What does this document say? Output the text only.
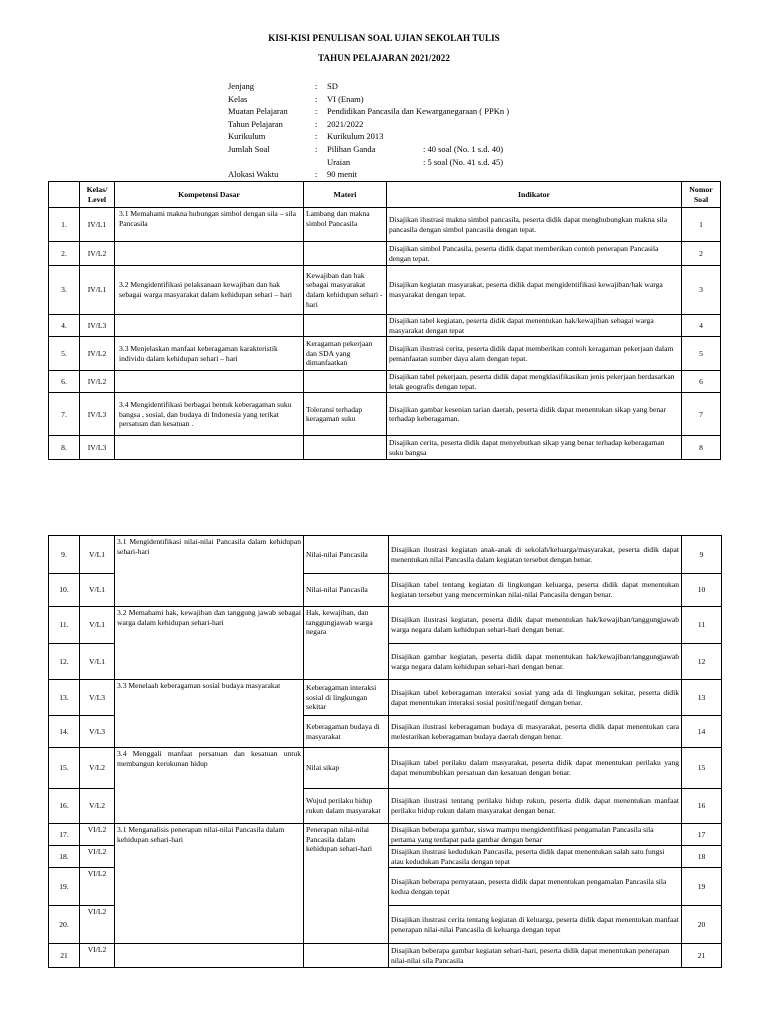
KISI-KISI PENULISAN SOAL UJIAN SEKOLAH TULIS
TAHUN PELAJARAN 2021/2022
Jenjang	: SD
Kelas	: VI (Enam)
Muatan Pelajaran	: Pendidikan Pancasila dan Kewarganegaraan ( PPKn )
Tahun Pelajaran	: 2021/2022
Kurikulum	: Kurikulum 2013
Jumlah Soal	: Pilihan Ganda	: 40 soal (No. 1 s.d. 40)
Uraian	: 5 soal (No. 41 s.d. 45)
Alokasi Waktu	: 90 menit
	Kelas/ Level	Kompetensi Dasar	Materi	Indikator	Nomor Soal
1.	IV/L1	3.1 Memahami makna hubungan simbol dengan sila – sila Pancasila	Lambang dan makna simbol Pancasila	Disajikan ilustrasi makna simbol pancasila, peserta didik dapat menghubungkan makna sila pancasila dengan simbol pancasila dengan tepat.	1
2.	IV/L2			Disajikan simbol Pancasila, peserta didik dapat memberikan contoh penerapan Pancasila dengan tepat.	2
3.	IV/L1	3.2 Mengidentifikasi pelaksanaan kewajiban dan hak sebagai warga masyarakat dalam kehidupan sehari – hari	Kewajiban dan hak sebagai masyarakat dalam kehidupan sehari - hari	Disajikan kegiatan masyarakat, peserta didik dapat mengidentifikasi kewajiban/hak warga masyarakat dengan tepat.	3
4.	IV/L3			Disajikan tabel kegiatan, peserta didik dapat menentukan hak/kewajiban sebagai warga masyarakat dengan tepat	4
5.	IV/L2	3.3 Menjelaskan manfaat keberagaman karakteristik individu dalam kehidupan sehari – hari	Keragaman pekerjaan dan SDA yang dimanfaatkan	Disajikan ilustrasi cerita, peserta didik dapat memberikan contoh keragaman pekerjaan dalam pemanfaatan sumber daya alam dengan tepat.	5
6.	IV/L2			Disajikan tabel pekerjaan, peserta didik dapat mengklasifikasikan jenis pekerjaan berdasarkan letak geografis dengan tepat.	6
7.	IV/L3	3.4 Mengidentifikasi berbagai bentuk keberagaman suku bangsa , sosial, dan budaya di Indonesia yang terikat persatuan dan kesatuan .	Toleransi terhadap keragaman suku	Disajikan gambar kesenian tarian daerah, peserta didik dapat menentukan sikap yang benar terhadap keberagaman.	7
8.	IV/L3			Disajikan cerita, peserta didik dapat menyebutkan sikap yang benar terhadap keberagaman suku bangsa	8
9.	V/L1	3.1 Mengidentifikasi nilai-nilai Pancasila dalam kehidupan sehari-hari	Nilai-nilai Pancasila	Disajikan ilustrasi kegiatan anak-anak di sekolah/keluarga/masyarakat, peserta didik dapat menentukan nilai Pancasila dalam kegiatan tersebut dengan benar.	9
10.	V/L1		Nilai-nilai Pancasila	Disajikan tabel tentang kegiatan di lingkungan keluarga, peserta didik dapat menentukan kegiatan tersebut yang mencerminkan nilai-nilai Pancasila dengan benar.	10
11.	V/L1	3.2 Memahami hak, kewajiban dan tanggung jawab sebagai warga dalam kehidupan sehari-hari	Hak, kewajiban, dan tanggungjawab warga negara	Disajikan ilustrasi kegiatan, peserta didik dapat menentukan hak/kewajiban/tanggungjawab warga negara dalam kehidupan sehari-hari dengan benar.	11
12.	V/L1			Disajikan gambar kegiatan, peserta didik dapat menentukan hak/kewajiban/tanggungjawab warga negara dalam kehidupan sehari-hari dengan benar.	12
13.	V/L3	3.3 Menelaah keberagaman sosial budaya masyarakat	Keberagaman interaksi sosial di lingkungan sekitar	Disajikan tabel keberagaman interaksi sosial yang ada di lingkungan sekitar, peserta didik dapat menentukan interaksi sosial positif/negatif dengan benar.	13
14.	V/L3		Keberagaman budaya di masyarakat	Disajikan ilustrasi keberagaman budaya di masyarakat, peserta didik dapat menentukan cara melestarikan keberagaman budaya daerah dengan benar.	14
15.	V/L2	3.4 Menggali manfaat persatuan dan kesatuan untuk membangun kerukunan hidup	Nilai sikap	Disajikan tabel perilaku dalam masyarakat, peserta didik dapat menentukan perilaku yang dapat menumbuhkan persatuan dan kesatuan dengan benar.	15
16.	V/L2		Wujud perilaku hidup rukun dalam masyarakat	Disajikan ilustrasi tentang perilaku hidup rukun, peserta didik dapat menentukan manfaat perilaku hidup rukun dalam masyarakat dengan benar.	16
17.	VI/L2	3.1 Menganalisis penerapan nilai-nilai Pancasila dalam kehidupan sehari-hari	Penerapan nilai-nilai Pancasila dalam kehidupan sehari-hari	Disajikan beberapa gambar, siswa mampu mengidentifikasi pengamalan Pancasila sila pertama yang terdapat pada gambar dengan benar	17
18.	VI/L2			Disajikan ilustrasi kedudukan Pancasila, peserta didik dapat menentukan salah satu fungsi atau kedudukan Pancasila dengan tepat	18
19.	VI/L2			Disajikan beberapa pernyataan, peserta didik dapat menentukan pengamalan Pancasila sila kedua dengan tepat	19
20.	VI/L2			Disajikan ilustrasi cerita tentang kegiatan di keluarga, peserta didik dapat menentukan manfaat penerapan nilai-nilai Pancasila di keluarga dengan tepat	20
21	VI/L2			Disajikan beberapa gambar kegiatan sehari-hari, peserta didik dapat menentukan penerapan nilai-nilai sila Pancasila	21
